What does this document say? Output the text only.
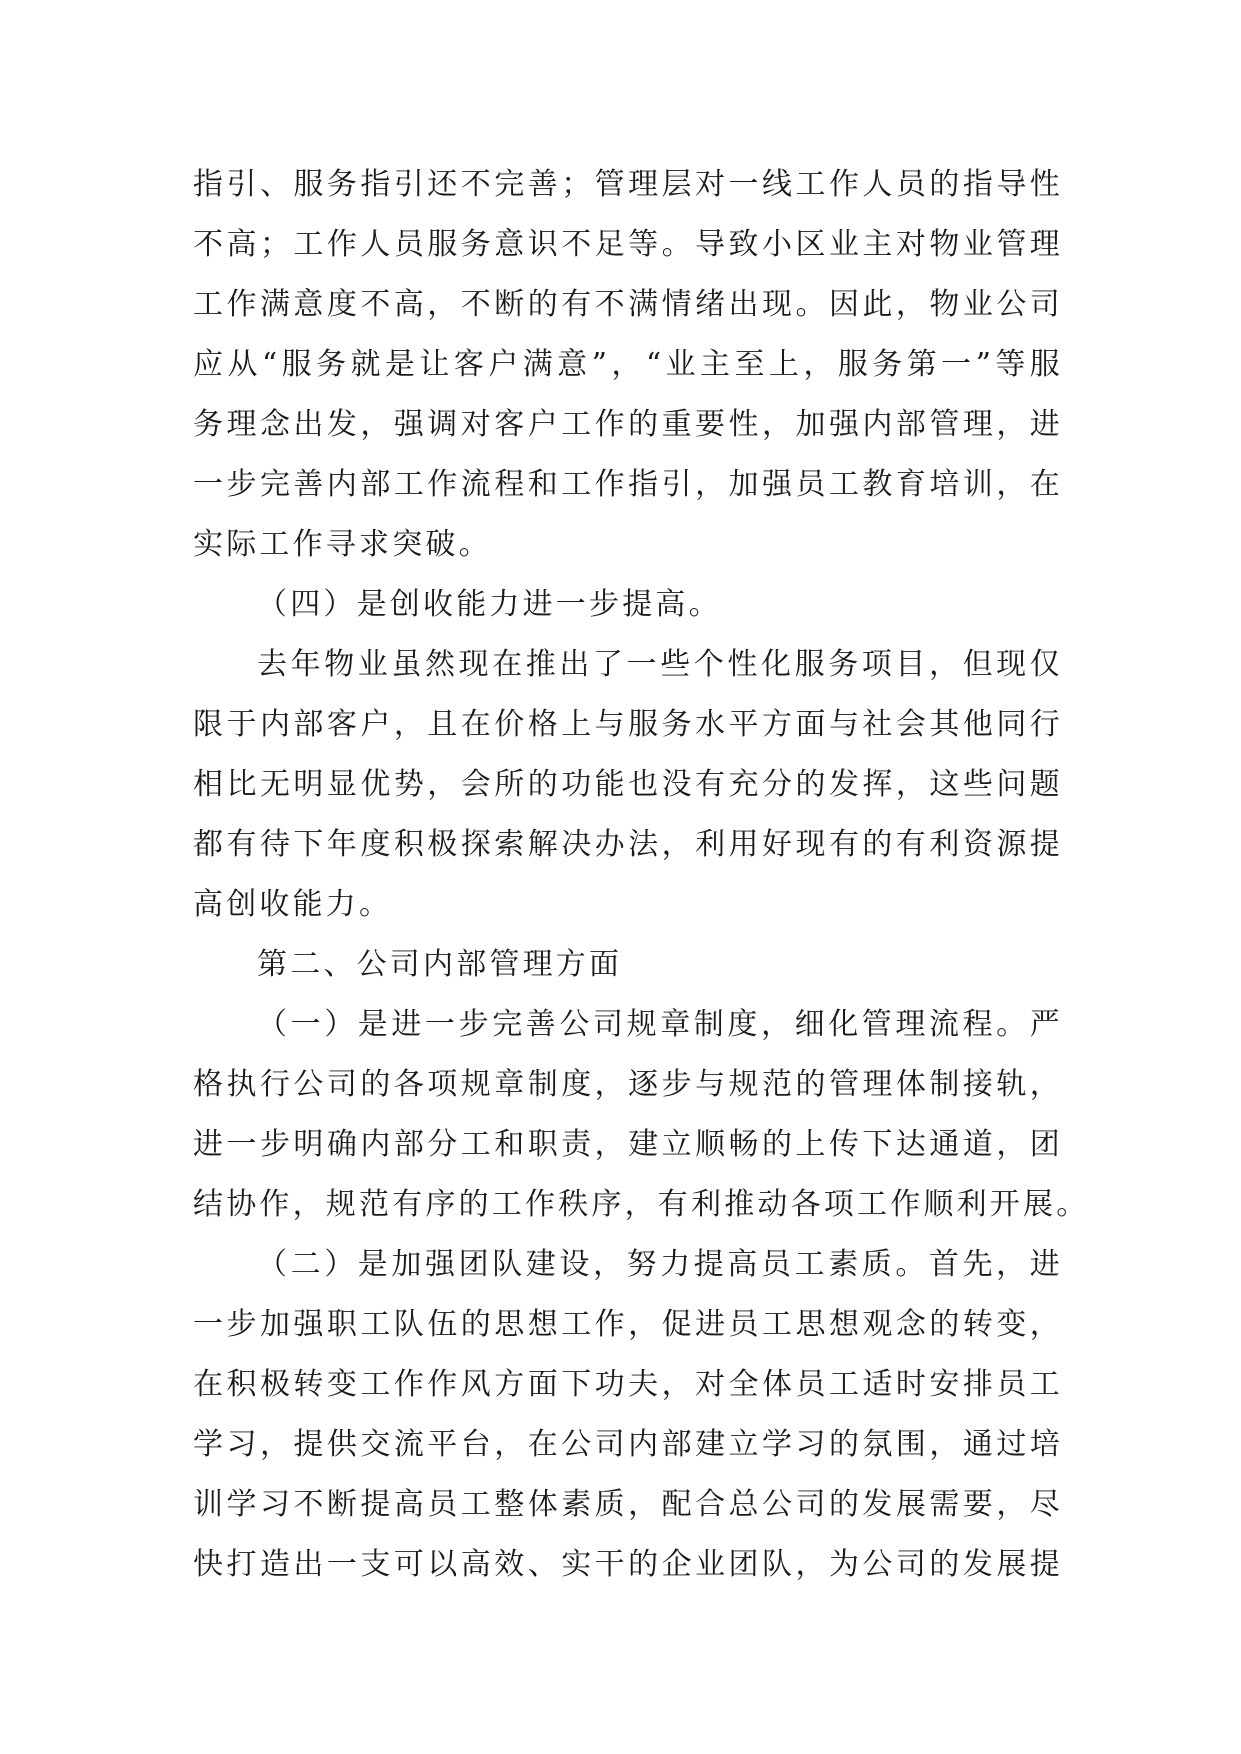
指引、服务指引还不完善；管理层对一线工作人员的指导性
不高；工作人员服务意识不足等。导致小区业主对物业管理
工作满意度不高，不断的有不满情绪出现。因此，物业公司
应从“服务就是让客户满意”，“业主至上，服务第一”等服
务理念出发，强调对客户工作的重要性，加强内部管理，进
一步完善内部工作流程和工作指引，加强员工教育培训，在
实际工作寻求突破。
（四）是创收能力进一步提高。
去年物业虽然现在推出了一些个性化服务项目，但现仅
限于内部客户，且在价格上与服务水平方面与社会其他同行
相比无明显优势，会所的功能也没有充分的发挥，这些问题
都有待下年度积极探索解决办法，利用好现有的有利资源提
高创收能力。
第二、公司内部管理方面
（一）是进一步完善公司规章制度，细化管理流程。严
格执行公司的各项规章制度，逐步与规范的管理体制接轨，
进一步明确内部分工和职责，建立顺畅的上传下达通道，团
结协作，规范有序的工作秩序，有利推动各项工作顺利开展。
（二）是加强团队建设，努力提高员工素质。首先，进
一步加强职工队伍的思想工作，促进员工思想观念的转变，
在积极转变工作作风方面下功夫，对全体员工适时安排员工
学习，提供交流平台，在公司内部建立学习的氛围，通过培
训学习不断提高员工整体素质，配合总公司的发展需要，尽
快打造出一支可以高效、实干的企业团队，为公司的发展提
